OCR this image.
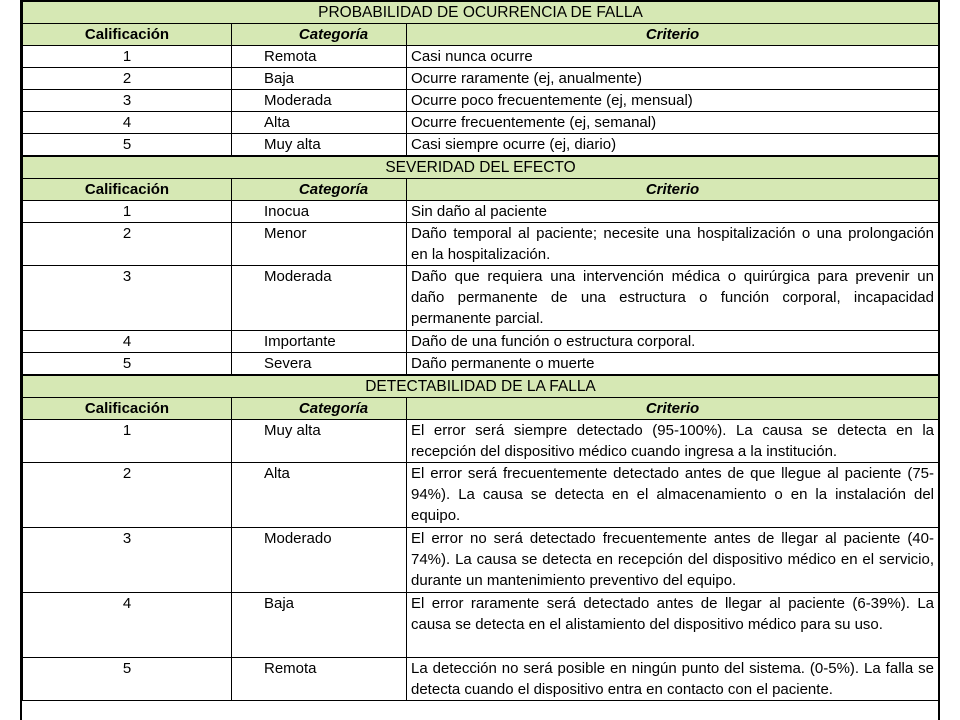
PROBABILIDAD DE OCURRENCIA DE FALLA		
Calificación	Categoría	Criterio
1	Remota	Casi nunca ocurre
2	Baja	Ocurre raramente (ej, anualmente)
3	Moderada	Ocurre poco frecuentemente (ej, mensual)
4	Alta	Ocurre frecuentemente (ej, semanal)
5	Muy alta	Casi siempre ocurre (ej, diario)
SEVERIDAD DEL EFECTO		
Calificación	Categoría	Criterio
1	Inocua	Sin daño al paciente
2	Menor	Daño temporal al paciente; necesite una hospitalización o una prolongación en la hospitalización.
3	Moderada	Daño que requiera una intervención médica o quirúrgica para prevenir un daño permanente de una estructura o función corporal, incapacidad permanente parcial.
4	Importante	Daño de una función o estructura corporal.
5	Severa	Daño permanente o muerte
DETECTABILIDAD DE LA FALLA		
Calificación	Categoría	Criterio
1	Muy alta	El error será siempre detectado (95-100%). La causa se detecta en la recepción del dispositivo médico cuando ingresa a la institución.
2	Alta	El error será frecuentemente detectado antes de que llegue al paciente (75-94%). La causa se detecta en el almacenamiento o en la instalación del equipo.
3	Moderado	El error no será detectado frecuentemente antes de llegar al paciente (40-74%). La causa se detecta en recepción del dispositivo médico en el servicio, durante un mantenimiento preventivo del equipo.
4	Baja	El error raramente será detectado antes de llegar al paciente (6-39%). La causa se detecta en el alistamiento del dispositivo médico para su uso.
5	Remota	La detección no será posible en ningún punto del sistema. (0-5%). La falla se detecta cuando el dispositivo entra en contacto con el paciente.
